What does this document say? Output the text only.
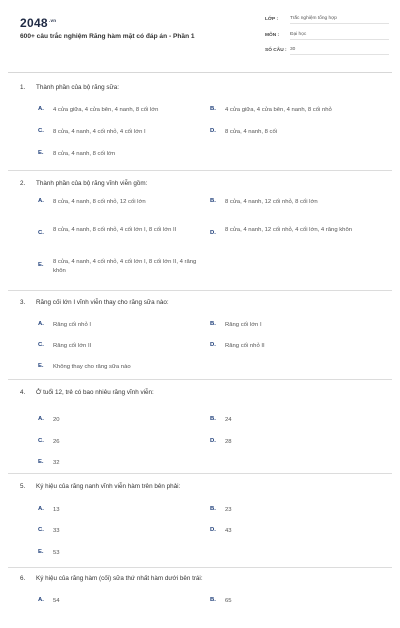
$2048^{.vn}$
600+ câu trắc nghiệm Răng hàm mặt có đáp án - Phần 1
LỚP : Trắc nghiệm tổng hợp
MÔN : Đại học
SỐ CÂU : 30
1. Thành phần của bộ răng sữa:
A. 4 cửa giữa, 4 cửa bên, 4 nanh, 8 cối lớn	B. 4 cửa giữa, 4 cửa bên, 4 nanh, 8 cối nhỏ
C. 8 cửa, 4 nanh, 4 cối nhỏ, 4 cối lớn I	D. 8 cửa, 4 nanh, 8 cối
E. 8 cửa, 4 nanh, 8 cối lớn
2. Thành phần của bộ răng vĩnh viễn gồm:
A. 8 cửa, 4 nanh, 8 cối nhỏ, 12 cối lớn	B. 8 cửa, 4 nanh, 12 cối nhỏ, 8 cối lớn
C. 8 cửa, 4 nanh, 8 cối nhỏ, 4 cối lớn I, 8 cối lớn II	D. 8 cửa, 4 nanh, 12 cối nhỏ, 4 cối lớn, 4 răng khôn
E. 8 cửa, 4 nanh, 4 cối nhỏ, 4 cối lớn I, 8 cối lớn II, 4 răng khôn
3. Răng cối lớn I vĩnh viễn thay cho răng sữa nào:
A. Răng cối nhỏ I	B. Răng cối lớn I
C. Răng cối lớn II	D. Răng cối nhỏ II
E. Không thay cho răng sữa nào
4. Ở tuổi 12, trẻ có bao nhiêu răng vĩnh viễn:
A. 20	B. 24
C. 26	D. 28
E. 32
5. Ký hiệu của răng nanh vĩnh viễn hàm trên bên phải:
A. 13	B. 23
C. 33	D. 43
E. 53
6. Ký hiệu của răng hàm (cối) sữa thứ nhất hàm dưới bên trái:
A. 54	B. 65
